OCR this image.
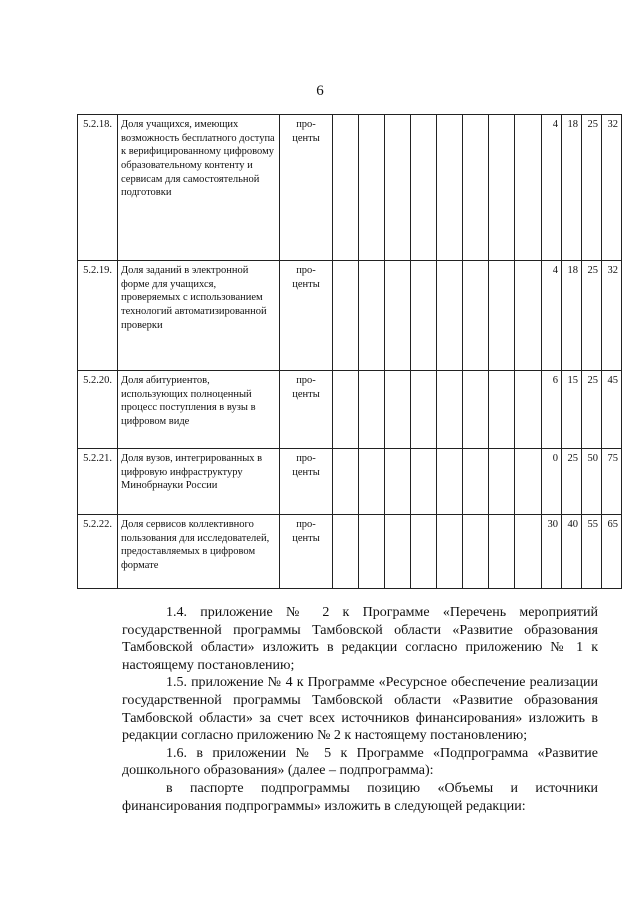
6
5.2.18.	Доля учащихся, имеющих возможность бесплатного доступа к верифицированному цифровому образовательному контенту и сервисам для самостоятельной подготовки	про-
центы									4	18	25	32
5.2.19.	Доля заданий в электронной форме для учащихся, проверяемых с использованием технологий автоматизированной проверки	про-
центы									4	18	25	32
5.2.20.	Доля абитуриентов, использующих полноценный процесс поступления в вузы в цифровом виде	про-
центы									6	15	25	45
5.2.21.	Доля вузов, интегрированных в цифровую инфраструктуру Минобрнауки России	про-
центы									0	25	50	75
5.2.22.	Доля сервисов коллективного пользования для исследователей, предоставляемых в цифровом формате	про-
центы									30	40	55	65

1.4. приложение № 2 к Программе «Перечень мероприятий государственной программы Тамбовской области «Развитие образования Тамбовской области» изложить в редакции согласно приложению № 1 к настоящему постановлению;

1.5. приложение № 4 к Программе «Ресурсное обеспечение реализации государственной программы Тамбовской области «Развитие образования Тамбовской области» за счет всех источников финансирования» изложить в редакции согласно приложению № 2 к настоящему постановлению;

1.6. в приложении № 5 к Программе «Подпрограмма «Развитие дошкольного образования» (далее – подпрограмма):

в паспорте подпрограммы позицию «Объемы и источники финансирования подпрограммы» изложить в следующей редакции:
